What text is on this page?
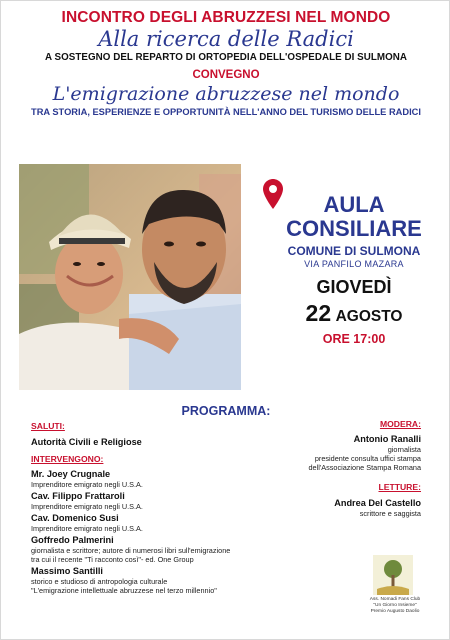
INCONTRO DEGLI ABRUZZESI NEL MONDO
Alla ricerca delle Radici
A SOSTEGNO DEL REPARTO DI ORTOPEDIA DELL'OSPEDALE DI SULMONA
CONVEGNO
L'emigrazione abruzzese nel mondo
TRA STORIA, ESPERIENZE E OPPORTUNITÀ NELL'ANNO DEL TURISMO DELLE RADICI
AULA
CONSILIARE
COMUNE DI SULMONA
VIA PANFILO MAZARA
GIOVEDÌ
22 AGOSTO
ORE 17:00
PROGRAMMA:
SALUTI:
Autorità Civili e Religiose
INTERVENGONO:
Mr. Joey Crugnale
Imprenditore emigrato negli U.S.A.
Cav. Filippo Frattaroli
Imprenditore emigrato negli U.S.A.
Cav. Domenico Susi
Imprenditore emigrato negli U.S.A.
Goffredo Palmerini
giornalista e scrittore; autore di numerosi libri sull'emigrazione
tra cui il recente "Ti racconto così"- ed. One Group
Massimo Santilli
storico e studioso di antropologia culturale
"L'emigrazione intellettuale abruzzese nel terzo millennio"
MODERA:
Antonio Ranalli
giornalista
presidente consulta uffici stampa
dell'Associazione Stampa Romana
LETTURE:
Andrea Del Castello
scrittore e saggista
Ass. Nomadi Fans Club
"Un Giorno Insieme"
Premio Augusto Daolio
